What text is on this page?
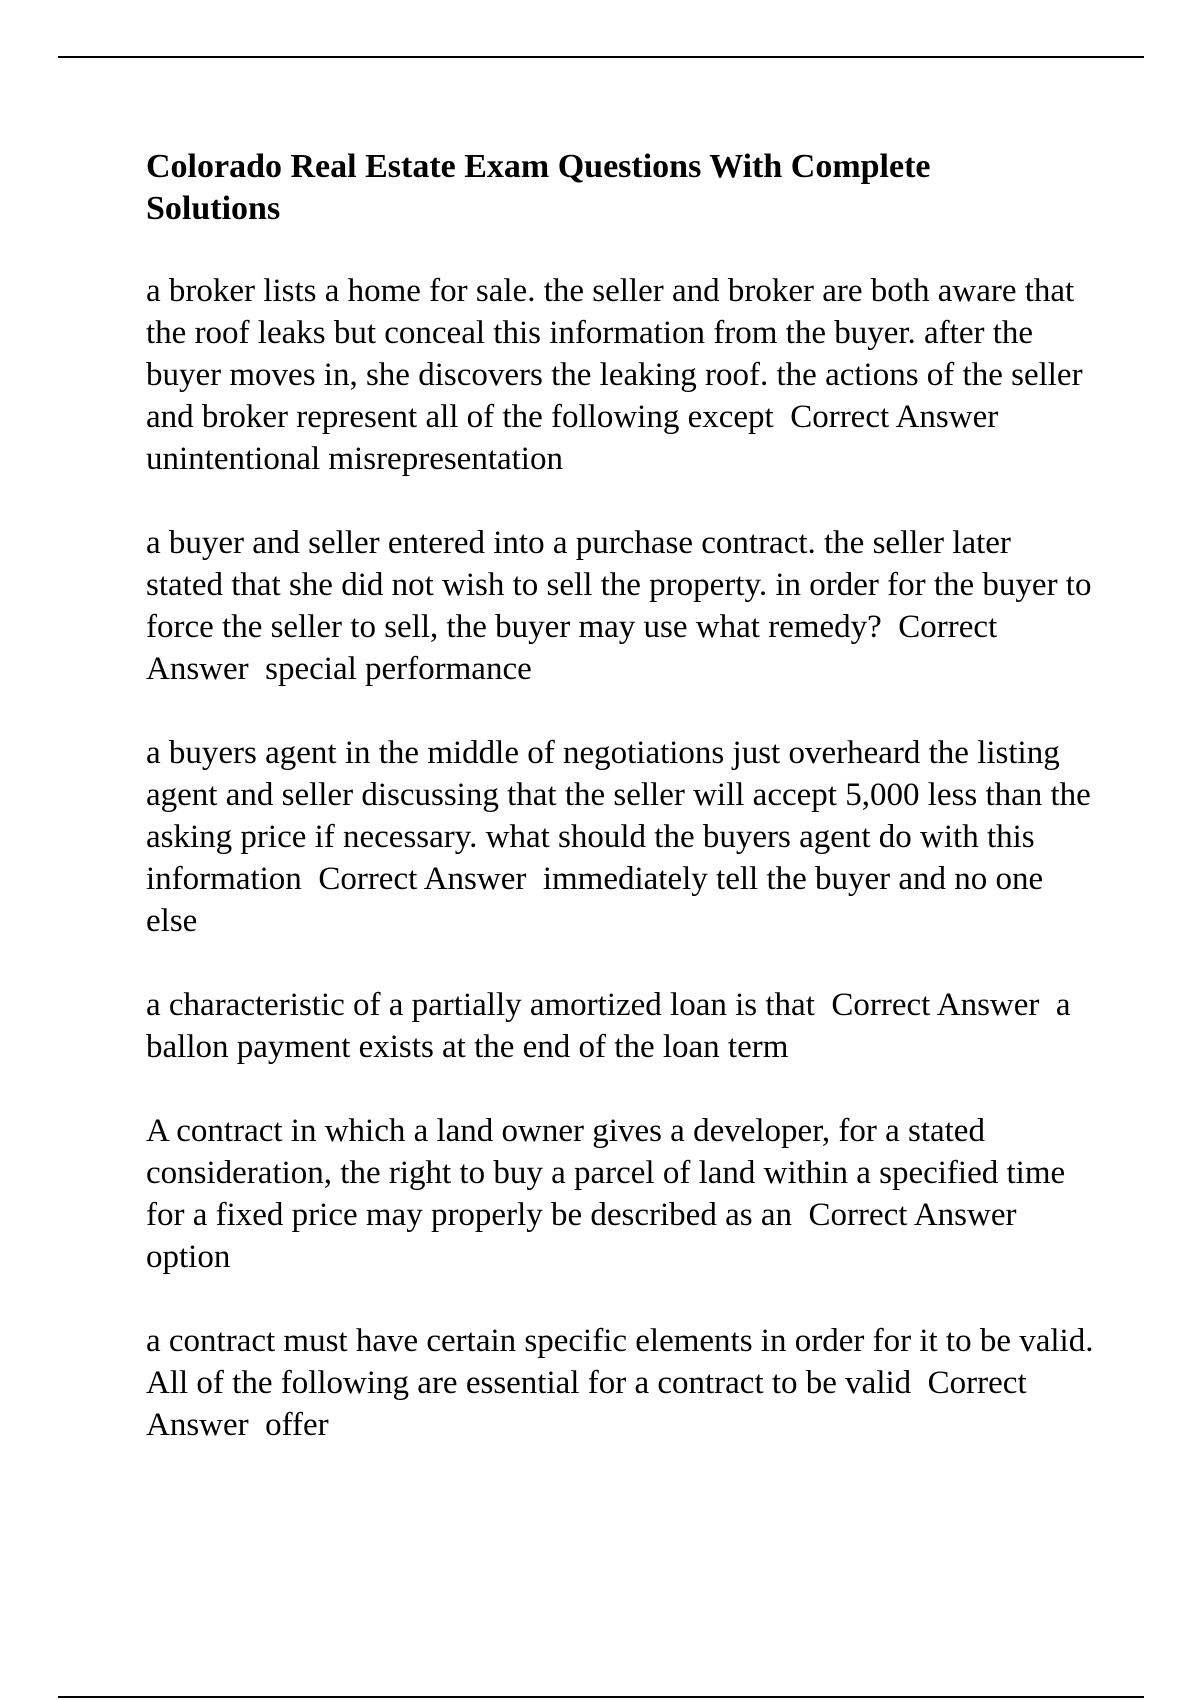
Colorado Real Estate Exam Questions With Complete Solutions

a broker lists a home for sale. the seller and broker are both aware that the roof leaks but conceal this information from the buyer. after the buyer moves in, she discovers the leaking roof. the actions of the seller and broker represent all of the following except  Correct Answer  unintentional misrepresentation

a buyer and seller entered into a purchase contract. the seller later stated that she did not wish to sell the property. in order for the buyer to force the seller to sell, the buyer may use what remedy?  Correct Answer  special performance

a buyers agent in the middle of negotiations just overheard the listing agent and seller discussing that the seller will accept 5,000 less than the asking price if necessary. what should the buyers agent do with this information  Correct Answer  immediately tell the buyer and no one else

a characteristic of a partially amortized loan is that  Correct Answer  a ballon payment exists at the end of the loan term

A contract in which a land owner gives a developer, for a stated consideration, the right to buy a parcel of land within a specified time for a fixed price may properly be described as an  Correct Answer  option

a contract must have certain specific elements in order for it to be valid. All of the following are essential for a contract to be valid  Correct Answer  offer
